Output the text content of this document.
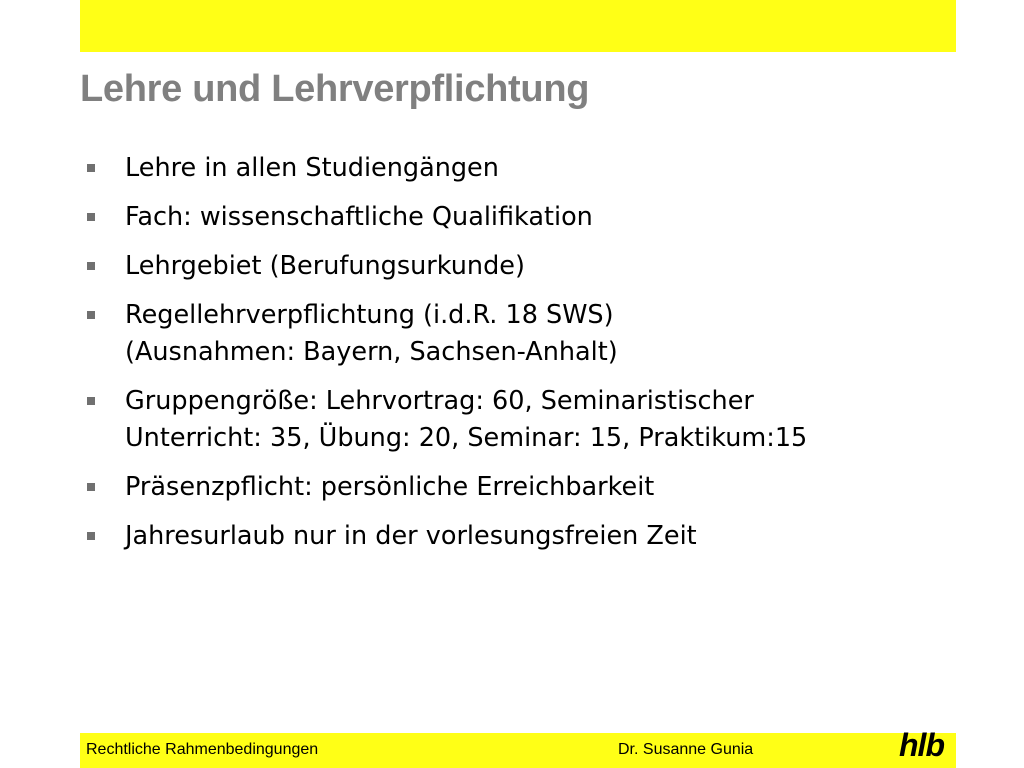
Lehre und Lehrverpflichtung
Lehre in allen Studiengängen
Fach: wissenschaftliche Qualifikation
Lehrgebiet (Berufungsurkunde)
Regellehrverpflichtung (i.d.R. 18 SWS)
(Ausnahmen: Bayern, Sachsen-Anhalt)
Gruppengröße: Lehrvortrag: 60, Seminaristischer
Unterricht: 35, Übung: 20, Seminar: 15, Praktikum:15
Präsenzpflicht: persönliche Erreichbarkeit
Jahresurlaub nur in der vorlesungsfreien Zeit
Rechtliche Rahmenbedingungen	Dr. Susanne Gunia	hlb
